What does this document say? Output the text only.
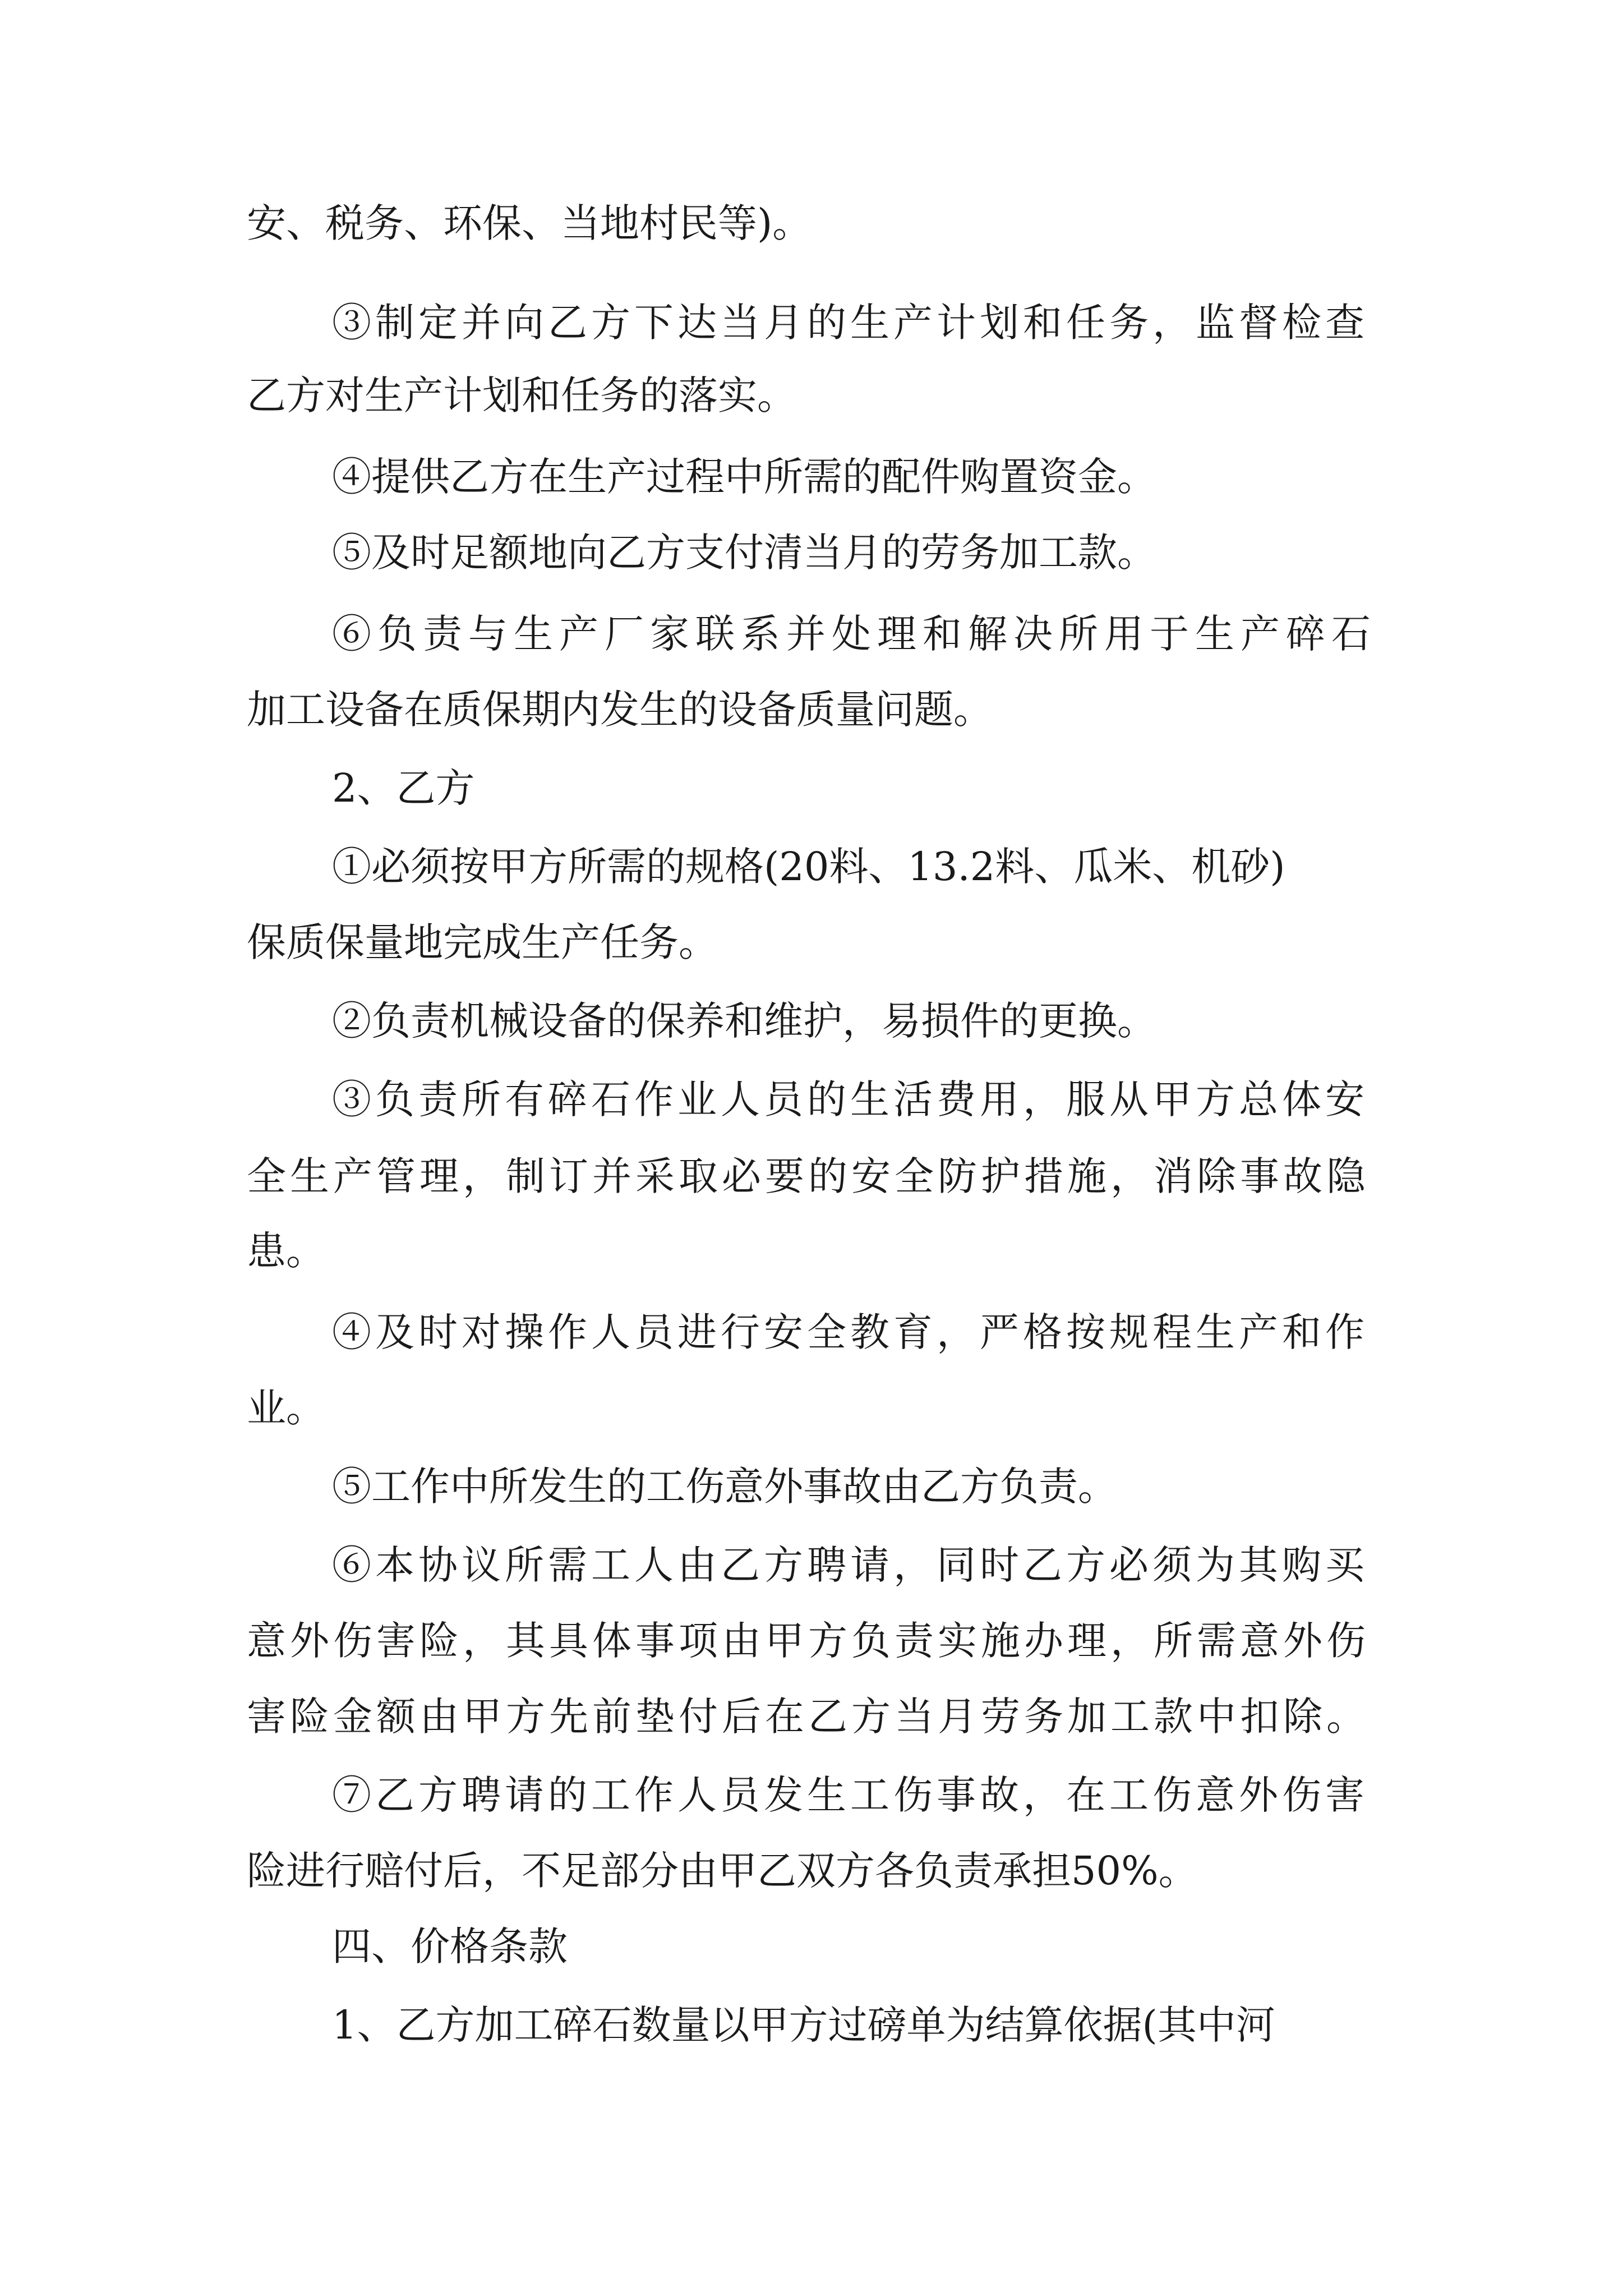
安、税务、环保、当地村民等)。
③制定并向乙方下达当月的生产计划和任务，监督检查
乙方对生产计划和任务的落实。
④提供乙方在生产过程中所需的配件购置资金。
⑤及时足额地向乙方支付清当月的劳务加工款。
⑥负责与生产厂家联系并处理和解决所用于生产碎石
加工设备在质保期内发生的设备质量问题。
2、乙方
①必须按甲方所需的规格(20料、13.2料、瓜米、机砂)
保质保量地完成生产任务。
②负责机械设备的保养和维护，易损件的更换。
③负责所有碎石作业人员的生活费用，服从甲方总体安
全生产管理，制订并采取必要的安全防护措施，消除事故隐
患。
④及时对操作人员进行安全教育，严格按规程生产和作
业。
⑤工作中所发生的工伤意外事故由乙方负责。
⑥本协议所需工人由乙方聘请，同时乙方必须为其购买
意外伤害险，其具体事项由甲方负责实施办理，所需意外伤
害险金额由甲方先前垫付后在乙方当月劳务加工款中扣除。
⑦乙方聘请的工作人员发生工伤事故，在工伤意外伤害
险进行赔付后，不足部分由甲乙双方各负责承担50%。
四、价格条款
1、乙方加工碎石数量以甲方过磅单为结算依据(其中河
